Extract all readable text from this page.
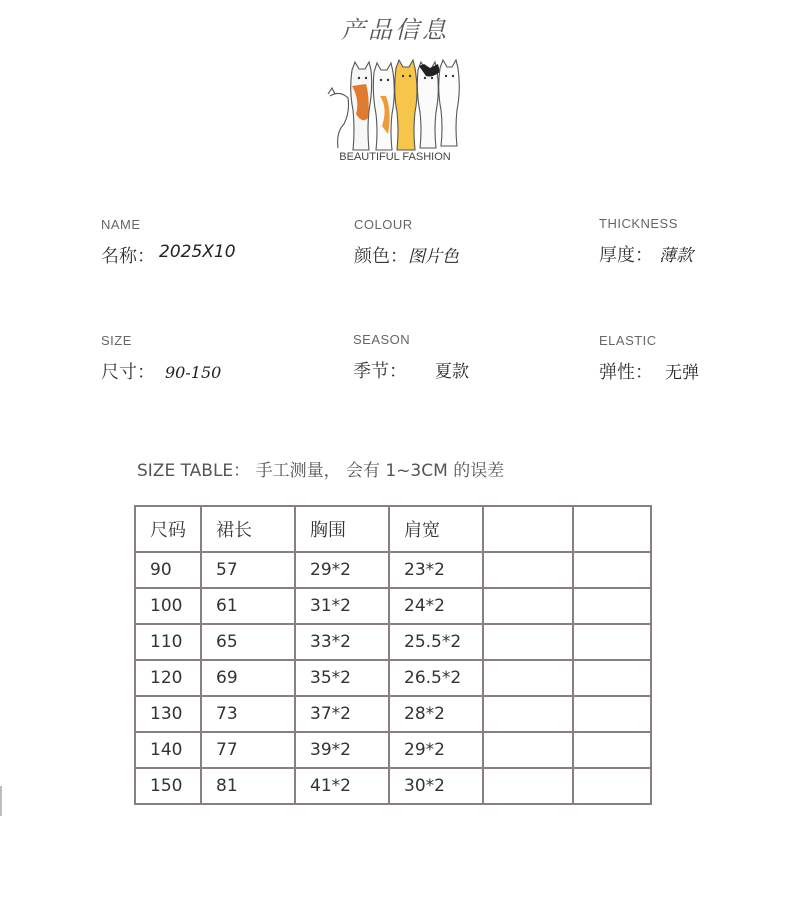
产品信息
BEAUTIFUL FASHION
NAME
名称： 2025X10
COLOUR
颜色：图片色
THICKNESS
厚度： 薄款
SIZE
尺寸： 90-150
SEASON
季节： 夏款
ELASTIC
弹性： 无弹
SIZE TABLE： 手工测量， 会有 1~3CM 的误差
尺码	裙长	胸围	肩宽		
90	57	29*2	23*2		
100	61	31*2	24*2		
110	65	33*2	25.5*2		
120	69	35*2	26.5*2		
130	73	37*2	28*2		
140	77	39*2	29*2		
150	81	41*2	30*2		
